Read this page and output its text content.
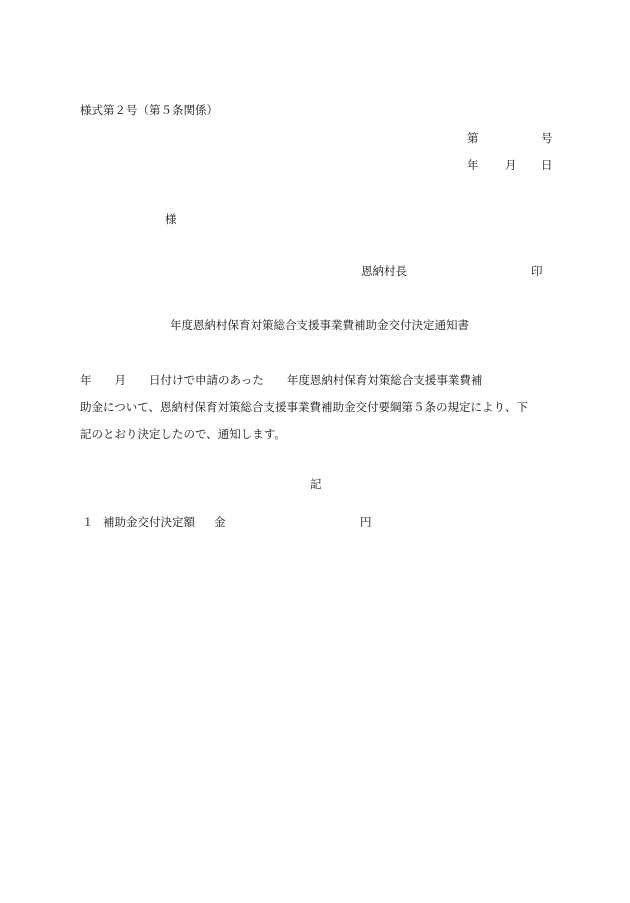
様式第２号（第５条関係）
第	号
年 月 日
様
恩納村長	印
年度恩納村保育対策総合支援事業費補助金交付決定通知書
年　　月　　日付けで申請のあった　　年度恩納村保育対策総合支援事業費補
助金について、恩納村保育対策総合支援事業費補助金交付要綱第５条の規定により、下
記のとおり決定したので、通知します。
記
１ 補助金交付決定額 金	円
